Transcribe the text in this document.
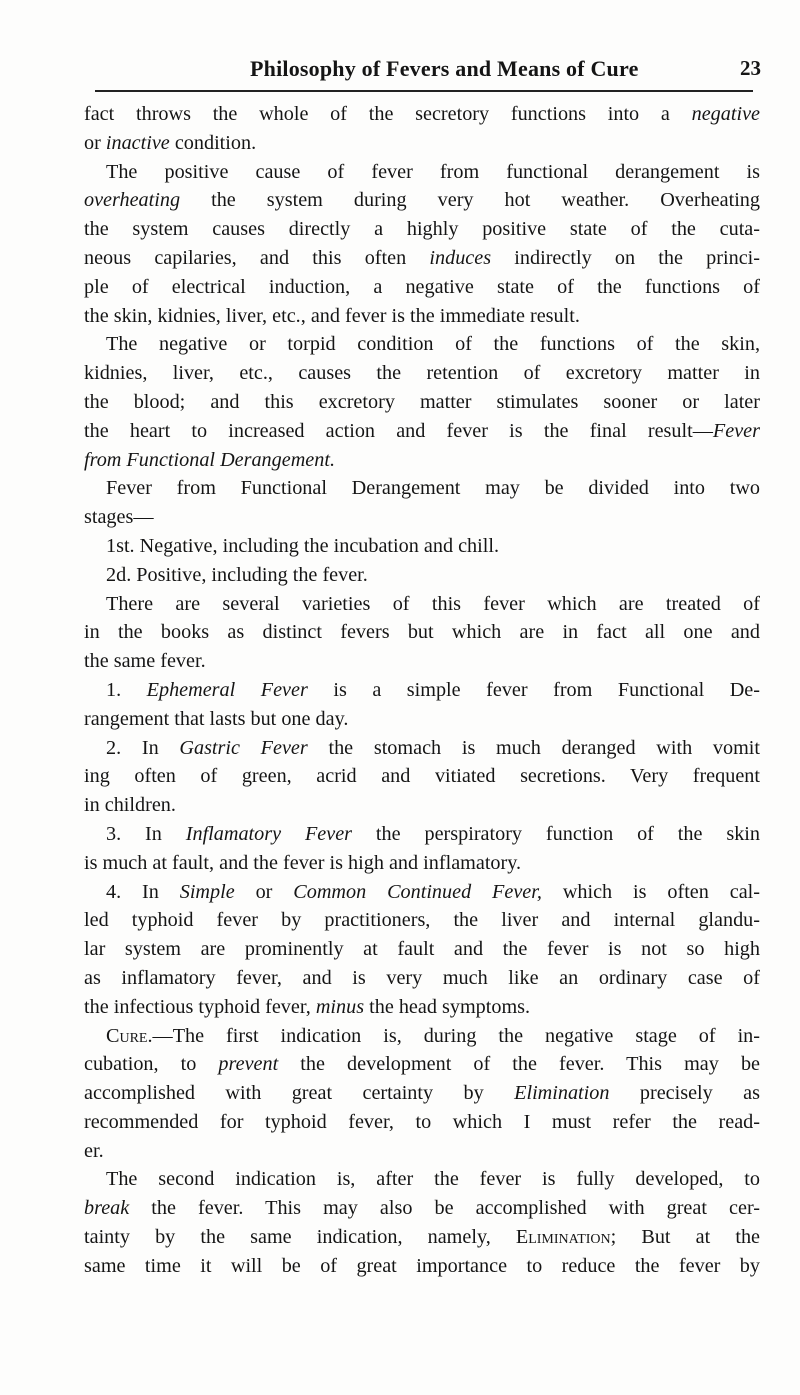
Philosophy of Fevers and Means of Cure	23
fact throws the whole of the secretory functions into a negative
or inactive condition.
The positive cause of fever from functional derangement is
overheating the system during very hot weather. Overheating
the system causes directly a highly positive state of the cuta-
neous capilaries, and this often induces indirectly on the princi-
ple of electrical induction, a negative state of the functions of
the skin, kidnies, liver, etc., and fever is the immediate result.
The negative or torpid condition of the functions of the skin,
kidnies, liver, etc., causes the retention of excretory matter in
the blood; and this excretory matter stimulates sooner or later
the heart to increased action and fever is the final result—Fever
from Functional Derangement.
Fever from Functional Derangement may be divided into two
stages—
1st. Negative, including the incubation and chill.
2d. Positive, including the fever.
There are several varieties of this fever which are treated of
in the books as distinct fevers but which are in fact all one and
the same fever.
1. Ephemeral Fever is a simple fever from Functional De-
rangement that lasts but one day.
2. In Gastric Fever the stomach is much deranged with vomit
ing often of green, acrid and vitiated secretions. Very frequent
in children.
3. In Inflamatory Fever the perspiratory function of the skin
is much at fault, and the fever is high and inflamatory.
4. In Simple or Common Continued Fever, which is often cal-
led typhoid fever by practitioners, the liver and internal glandu-
lar system are prominently at fault and the fever is not so high
as inflamatory fever, and is very much like an ordinary case of
the infectious typhoid fever, minus the head symptoms.
Cure.—The first indication is, during the negative stage of in-
cubation, to prevent the development of the fever. This may be
accomplished with great certainty by Elimination precisely as
recommended for typhoid fever, to which I must refer the read-
er.
The second indication is, after the fever is fully developed, to
break the fever. This may also be accomplished with great cer-
tainty by the same indication, namely, Elimination; But at the
same time it will be of great importance to reduce the fever by
